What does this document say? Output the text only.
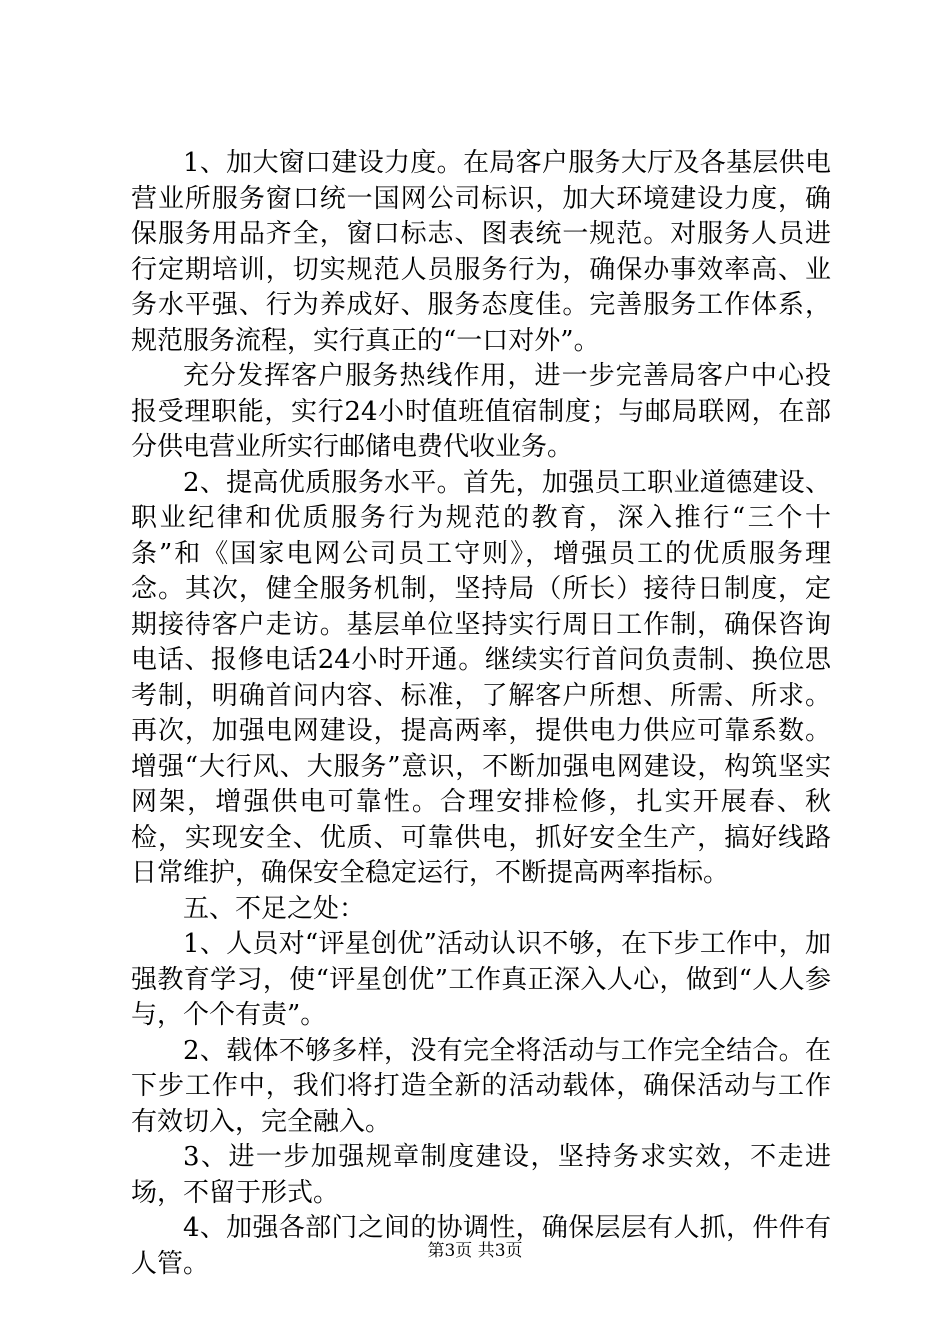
1、加大窗口建设力度。在局客户服务大厅及各基层供电营业所服务窗口统一国网公司标识，加大环境建设力度，确保服务用品齐全，窗口标志、图表统一规范。对服务人员进行定期培训，切实规范人员服务行为，确保办事效率高、业务水平强、行为养成好、服务态度佳。完善服务工作体系，规范服务流程，实行真正的“一口对外”。

充分发挥客户服务热线作用，进一步完善局客户中心投报受理职能，实行24小时值班值宿制度；与邮局联网，在部分供电营业所实行邮储电费代收业务。

2、提高优质服务水平。首先，加强员工职业道德建设、职业纪律和优质服务行为规范的教育，深入推行“三个十条”和《国家电网公司员工守则》，增强员工的优质服务理念。其次，健全服务机制，坚持局（所长）接待日制度，定期接待客户走访。基层单位坚持实行周日工作制，确保咨询电话、报修电话24小时开通。继续实行首问负责制、换位思考制，明确首问内容、标准，了解客户所想、所需、所求。再次，加强电网建设，提高两率，提供电力供应可靠系数。增强“大行风、大服务”意识，不断加强电网建设，构筑坚实网架，增强供电可靠性。合理安排检修，扎实开展春、秋检，实现安全、优质、可靠供电，抓好安全生产，搞好线路日常维护，确保安全稳定运行，不断提高两率指标。

五、不足之处：

1、人员对“评星创优”活动认识不够，在下步工作中，加强教育学习，使“评星创优”工作真正深入人心，做到“人人参与，个个有责”。

2、载体不够多样，没有完全将活动与工作完全结合。在下步工作中，我们将打造全新的活动载体，确保活动与工作有效切入，完全融入。

3、进一步加强规章制度建设，坚持务求实效，不走进场，不留于形式。

4、加强各部门之间的协调性，确保层层有人抓，件件有人管。	第3页 共3页
